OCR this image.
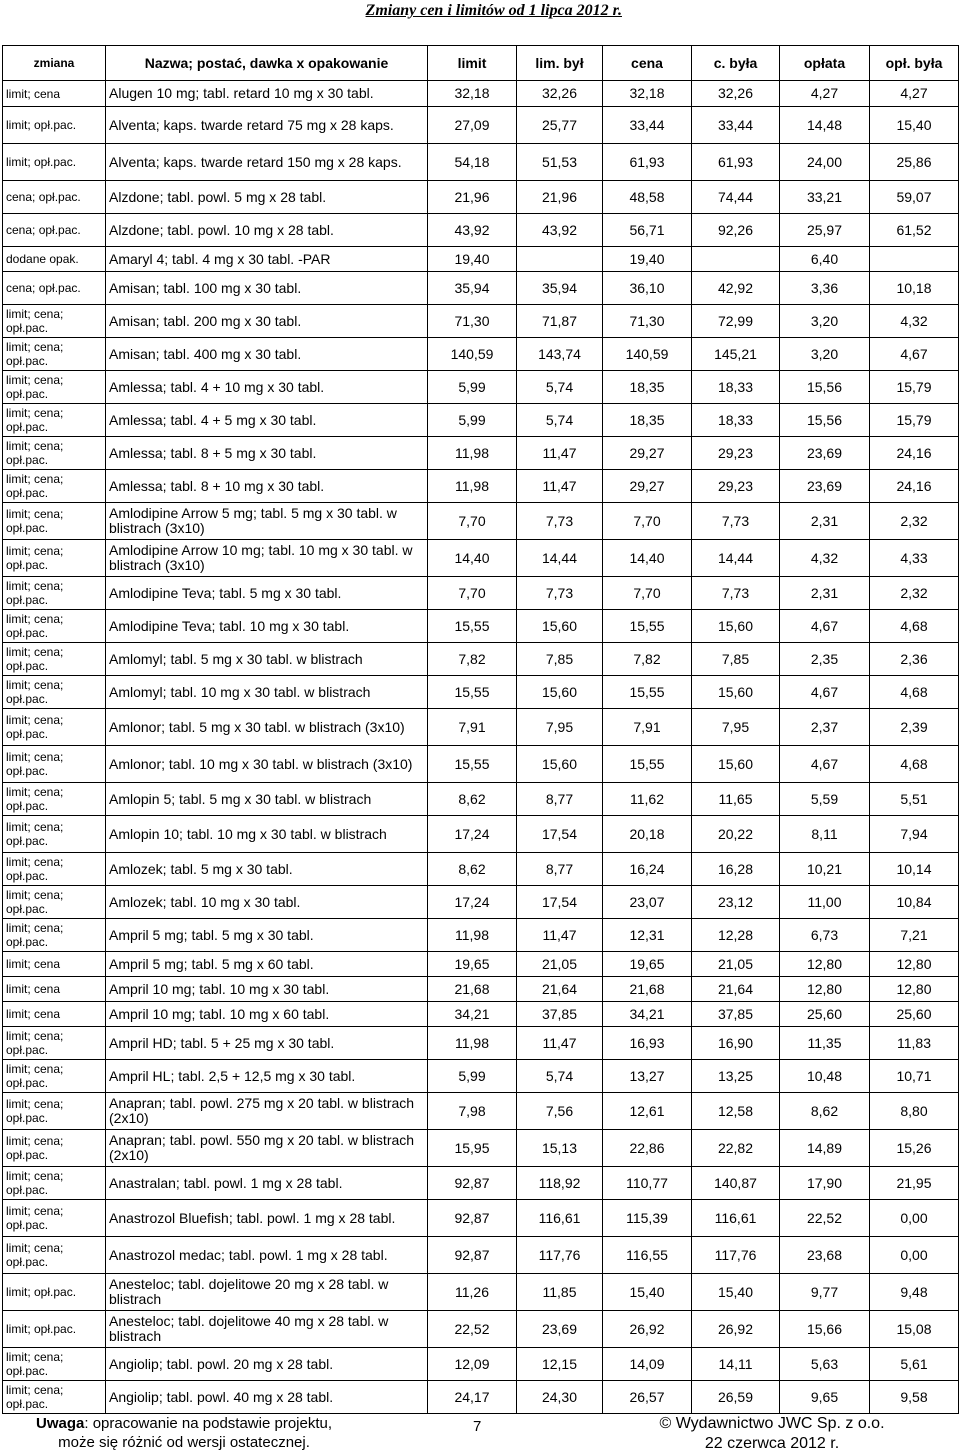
Zmiany cen i limitów od 1 lipca 2012 r.
zmiana	Nazwa; postać, dawka x opakowanie	limit	lim. był	cena	c. była	opłata	opł. była
limit; cena	Alugen 10 mg; tabl. retard 10 mg x 30 tabl.	32,18	32,26	32,18	32,26	4,27	4,27
limit; opł.pac.	Alventa; kaps. twarde retard 75 mg x 28 kaps.	27,09	25,77	33,44	33,44	14,48	15,40
limit; opł.pac.	Alventa; kaps. twarde retard 150 mg x 28 kaps.	54,18	51,53	61,93	61,93	24,00	25,86
cena; opł.pac.	Alzdone; tabl. powl. 5 mg x 28 tabl.	21,96	21,96	48,58	74,44	33,21	59,07
cena; opł.pac.	Alzdone; tabl. powl. 10 mg x 28 tabl.	43,92	43,92	56,71	92,26	25,97	61,52
dodane opak.	Amaryl 4; tabl. 4 mg x 30 tabl. -PAR	19,40		19,40		6,40	
cena; opł.pac.	Amisan; tabl. 100 mg x 30 tabl.	35,94	35,94	36,10	42,92	3,36	10,18
limit; cena; opł.pac.	Amisan; tabl. 200 mg x 30 tabl.	71,30	71,87	71,30	72,99	3,20	4,32
limit; cena; opł.pac.	Amisan; tabl. 400 mg x 30 tabl.	140,59	143,74	140,59	145,21	3,20	4,67
limit; cena; opł.pac.	Amlessa; tabl. 4 + 10 mg x 30 tabl.	5,99	5,74	18,35	18,33	15,56	15,79
limit; cena; opł.pac.	Amlessa; tabl. 4 + 5 mg x 30 tabl.	5,99	5,74	18,35	18,33	15,56	15,79
limit; cena; opł.pac.	Amlessa; tabl. 8 + 5 mg x 30 tabl.	11,98	11,47	29,27	29,23	23,69	24,16
limit; cena; opł.pac.	Amlessa; tabl. 8 + 10 mg x 30 tabl.	11,98	11,47	29,27	29,23	23,69	24,16
limit; cena; opł.pac.	Amlodipine Arrow 5 mg; tabl. 5 mg x 30 tabl. w blistrach (3x10)	7,70	7,73	7,70	7,73	2,31	2,32
limit; cena; opł.pac.	Amlodipine Arrow 10 mg; tabl. 10 mg x 30 tabl. w blistrach (3x10)	14,40	14,44	14,40	14,44	4,32	4,33
limit; cena; opł.pac.	Amlodipine Teva; tabl. 5 mg x 30 tabl.	7,70	7,73	7,70	7,73	2,31	2,32
limit; cena; opł.pac.	Amlodipine Teva; tabl. 10 mg x 30 tabl.	15,55	15,60	15,55	15,60	4,67	4,68
limit; cena; opł.pac.	Amlomyl; tabl. 5 mg x 30 tabl. w blistrach	7,82	7,85	7,82	7,85	2,35	2,36
limit; cena; opł.pac.	Amlomyl; tabl. 10 mg x 30 tabl. w blistrach	15,55	15,60	15,55	15,60	4,67	4,68
limit; cena; opł.pac.	Amlonor; tabl. 5 mg x 30 tabl. w blistrach (3x10)	7,91	7,95	7,91	7,95	2,37	2,39
limit; cena; opł.pac.	Amlonor; tabl. 10 mg x 30 tabl. w blistrach (3x10)	15,55	15,60	15,55	15,60	4,67	4,68
limit; cena; opł.pac.	Amlopin 5; tabl. 5 mg x 30 tabl. w blistrach	8,62	8,77	11,62	11,65	5,59	5,51
limit; cena; opł.pac.	Amlopin 10; tabl. 10 mg x 30 tabl. w blistrach	17,24	17,54	20,18	20,22	8,11	7,94
limit; cena; opł.pac.	Amlozek; tabl. 5 mg x 30 tabl.	8,62	8,77	16,24	16,28	10,21	10,14
limit; cena; opł.pac.	Amlozek; tabl. 10 mg x 30 tabl.	17,24	17,54	23,07	23,12	11,00	10,84
limit; cena; opł.pac.	Ampril 5 mg; tabl. 5 mg x 30 tabl.	11,98	11,47	12,31	12,28	6,73	7,21
limit; cena	Ampril 5 mg; tabl. 5 mg x 60 tabl.	19,65	21,05	19,65	21,05	12,80	12,80
limit; cena	Ampril 10 mg; tabl. 10 mg x 30 tabl.	21,68	21,64	21,68	21,64	12,80	12,80
limit; cena	Ampril 10 mg; tabl. 10 mg x 60 tabl.	34,21	37,85	34,21	37,85	25,60	25,60
limit; cena; opł.pac.	Ampril HD; tabl. 5 + 25 mg x 30 tabl.	11,98	11,47	16,93	16,90	11,35	11,83
limit; cena; opł.pac.	Ampril HL; tabl. 2,5 + 12,5 mg x 30 tabl.	5,99	5,74	13,27	13,25	10,48	10,71
limit; cena; opł.pac.	Anapran; tabl. powl. 275 mg x 20 tabl. w blistrach (2x10)	7,98	7,56	12,61	12,58	8,62	8,80
limit; cena; opł.pac.	Anapran; tabl. powl. 550 mg x 20 tabl. w blistrach (2x10)	15,95	15,13	22,86	22,82	14,89	15,26
limit; cena; opł.pac.	Anastralan; tabl. powl. 1 mg x 28 tabl.	92,87	118,92	110,77	140,87	17,90	21,95
limit; cena; opł.pac.	Anastrozol Bluefish; tabl. powl. 1 mg x 28 tabl.	92,87	116,61	115,39	116,61	22,52	0,00
limit; cena; opł.pac.	Anastrozol medac; tabl. powl. 1 mg x 28 tabl.	92,87	117,76	116,55	117,76	23,68	0,00
limit; opł.pac.	Anesteloc; tabl. dojelitowe 20 mg x 28 tabl. w blistrach	11,26	11,85	15,40	15,40	9,77	9,48
limit; opł.pac.	Anesteloc; tabl. dojelitowe 40 mg x 28 tabl. w blistrach	22,52	23,69	26,92	26,92	15,66	15,08
limit; cena; opł.pac.	Angiolip; tabl. powl. 20 mg x 28 tabl.	12,09	12,15	14,09	14,11	5,63	5,61
limit; cena; opł.pac.	Angiolip; tabl. powl. 40 mg x 28 tabl.	24,17	24,30	26,57	26,59	9,65	9,58
Uwaga: opracowanie na podstawie projektu,
może się różnić od wersji ostatecznej.
7	© Wydawnictwo JWC Sp. z o.o.
22 czerwca 2012 r.
